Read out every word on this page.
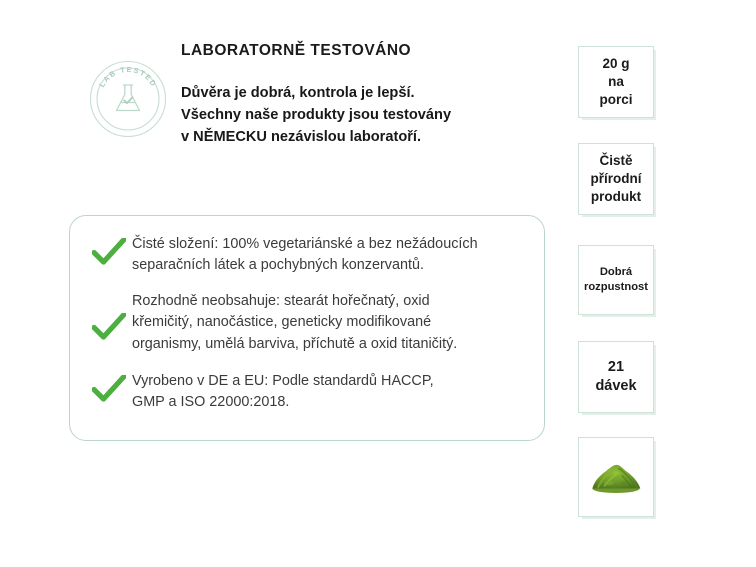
LAB TESTED
LABORATORNĚ TESTOVÁNO
Důvěra je dobrá, kontrola je lepší.
Všechny naše produkty jsou testovány
v NĚMECKU nezávislou laboratoří.
Čisté složení: 100% vegetariánské a bez nežádoucích
separačních látek a pochybných konzervantů.
Rozhodně neobsahuje: stearát hořečnatý, oxid
křemičitý, nanočástice, geneticky modifikované
organismy, umělá barviva, příchutě a oxid titaničitý.
Vyrobeno v DE a EU: Podle standardů HACCP,
GMP a ISO 22000:2018.
20 g
na
porci
Čistě
přírodní
produkt
Dobrá
rozpustnost
21
dávek
